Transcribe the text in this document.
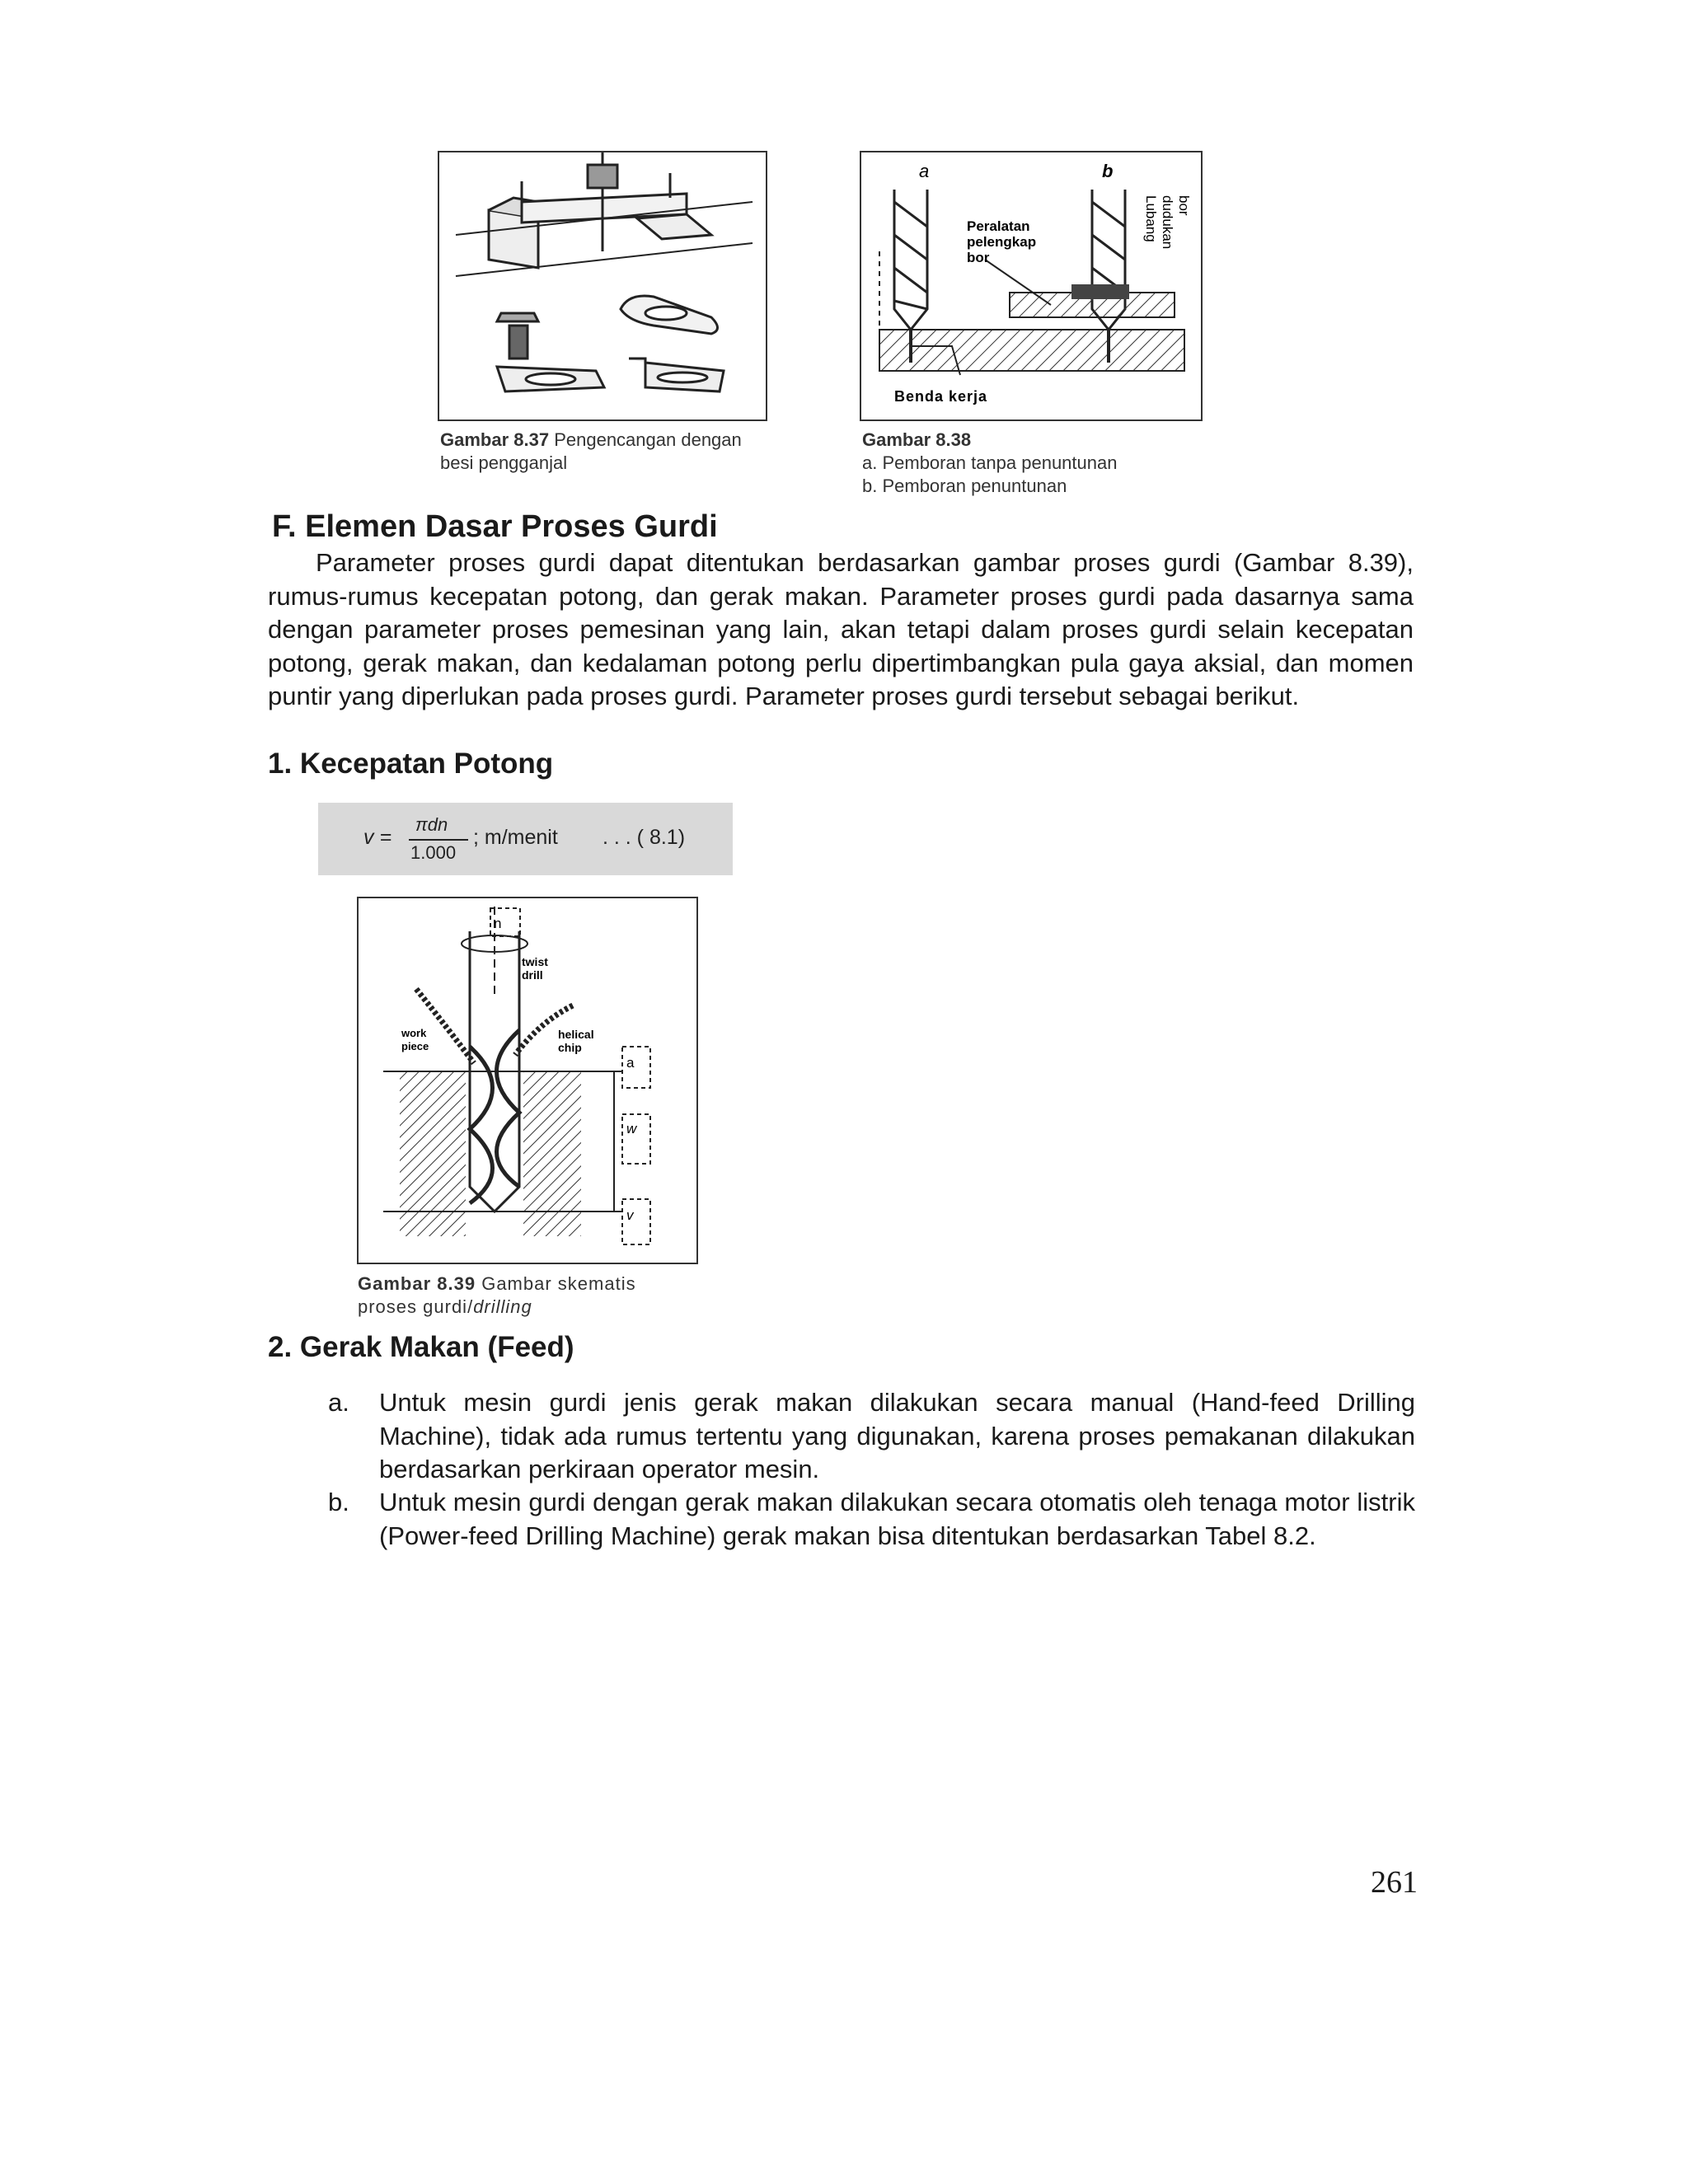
Gambar 8.37 Pengencangan dengan
besi pengganjal
a	b
Peralatan
pelengkap
bor
Lubang dudukan bor
Benda kerja
Gambar 8.38
a. Pemboran tanpa penuntunan
b. Pemboran penuntunan
F. Elemen Dasar Proses Gurdi
Parameter proses gurdi dapat ditentukan berdasarkan gambar proses gurdi (Gambar 8.39), rumus-rumus kecepatan potong, dan gerak makan. Parameter proses gurdi pada dasarnya sama dengan parameter proses pemesinan yang lain, akan tetapi dalam proses gurdi selain kecepatan potong, gerak makan, dan kedalaman potong perlu dipertimbangkan pula gaya aksial, dan momen puntir yang diperlukan pada proses gurdi. Parameter proses gurdi tersebut sebagai berikut.
1. Kecepatan Potong
v =
πdn
1.000
; m/menit . . . ( 8.1)
n
twist
drill
work
piece
helical
chip
a
w
v
Gambar 8.39 Gambar skematis
proses gurdi/drilling
2. Gerak Makan (Feed)
a. Untuk mesin gurdi jenis gerak makan dilakukan secara manual (Hand-feed Drilling Machine), tidak ada rumus tertentu yang digunakan, karena proses pemakanan dilakukan berdasarkan perkiraan operator mesin.
b. Untuk mesin gurdi dengan gerak makan dilakukan secara otomatis oleh tenaga motor listrik (Power-feed Drilling Machine) gerak makan bisa ditentukan berdasarkan Tabel 8.2.
261
